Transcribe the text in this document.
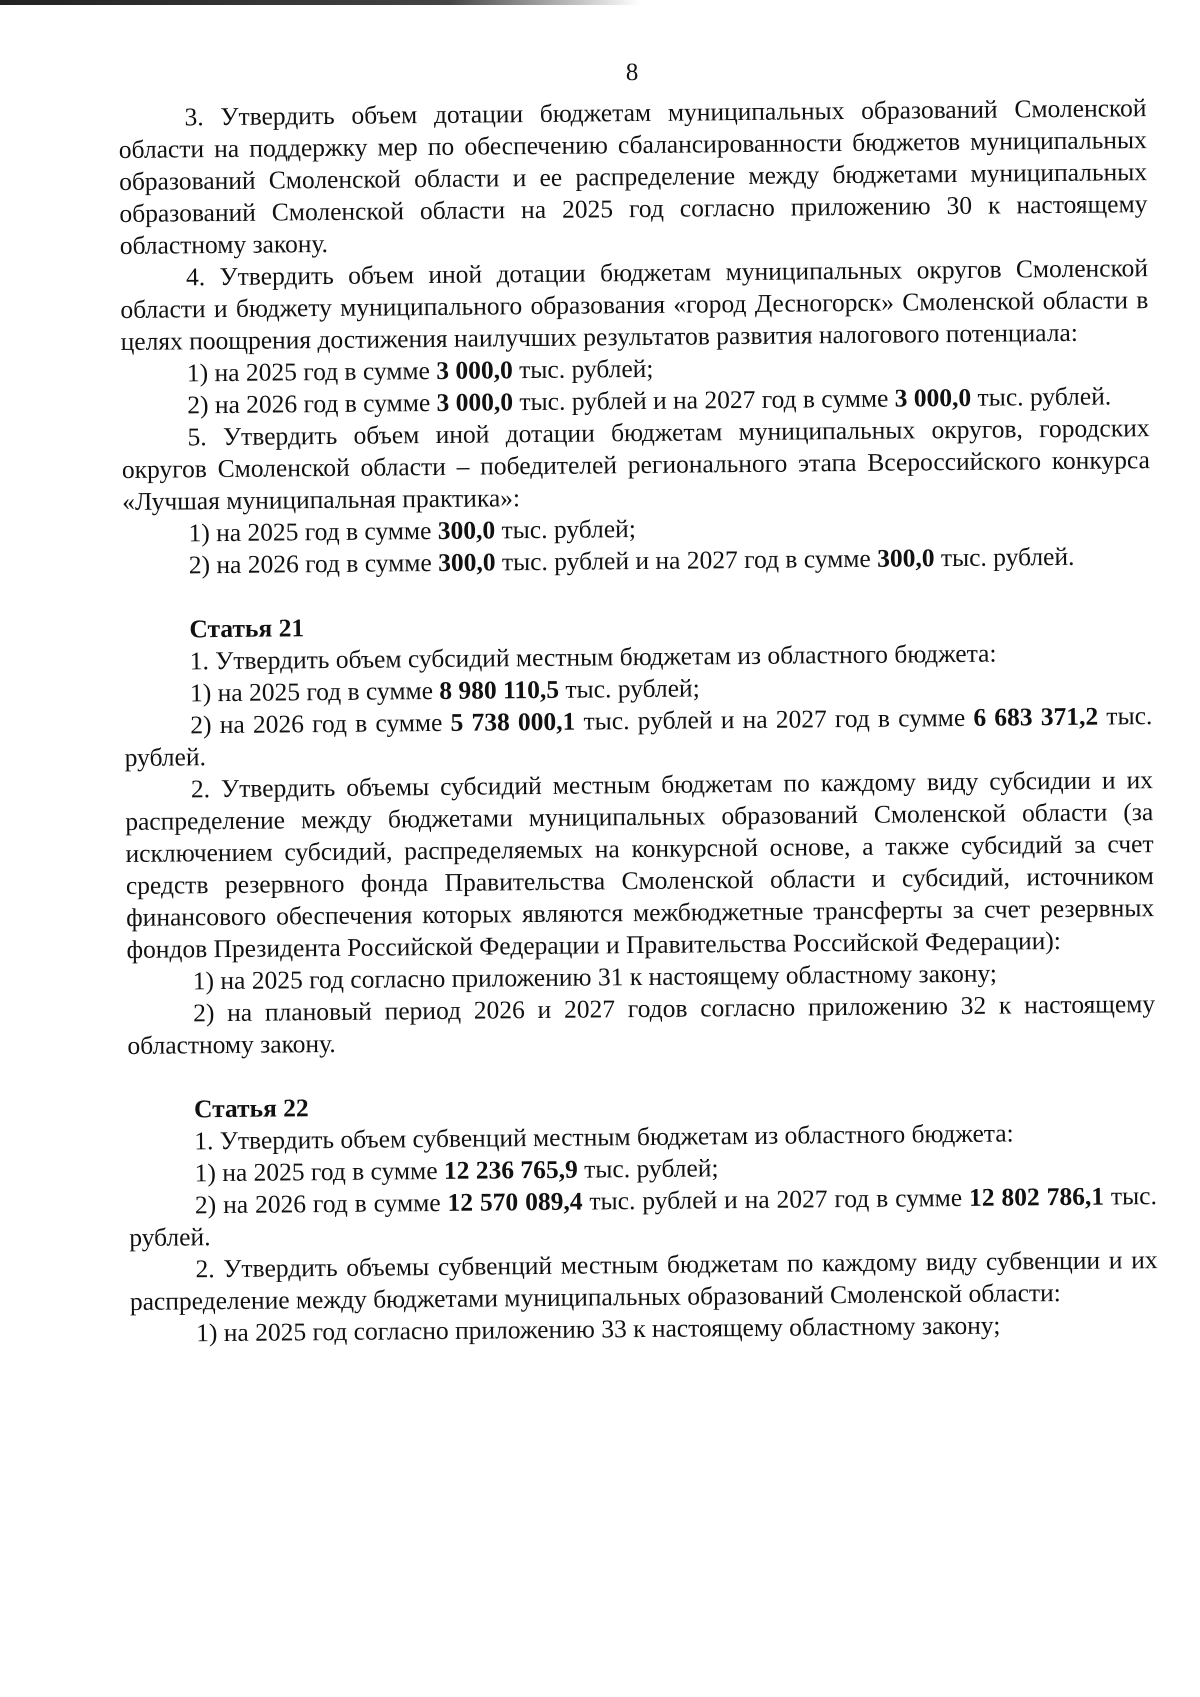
8

3. Утвердить объем дотации бюджетам муниципальных образований Смоленской области на поддержку мер по обеспечению сбалансированности бюджетов муниципальных образований Смоленской области и ее распределение между бюджетами муниципальных образований Смоленской области на 2025 год согласно приложению 30 к настоящему областному закону.

4. Утвердить объем иной дотации бюджетам муниципальных округов Смоленской области и бюджету муниципального образования «город Десногорск» Смоленской области в целях поощрения достижения наилучших результатов развития налогового потенциала:

1) на 2025 год в сумме 3 000,0 тыс. рублей;

2) на 2026 год в сумме 3 000,0 тыс. рублей и на 2027 год в сумме 3 000,0 тыс. рублей.

5. Утвердить объем иной дотации бюджетам муниципальных округов, городских округов Смоленской области – победителей регионального этапа Всероссийского конкурса «Лучшая муниципальная практика»:

1) на 2025 год в сумме 300,0 тыс. рублей;

2) на 2026 год в сумме 300,0 тыс. рублей и на 2027 год в сумме 300,0 тыс. рублей.

Статья 21

1. Утвердить объем субсидий местным бюджетам из областного бюджета:

1) на 2025 год в сумме 8 980 110,5 тыс. рублей;

2) на 2026 год в сумме 5 738 000,1 тыс. рублей и на 2027 год в сумме 6 683 371,2 тыс. рублей.

2. Утвердить объемы субсидий местным бюджетам по каждому виду субсидии и их распределение между бюджетами муниципальных образований Смоленской области (за исключением субсидий, распределяемых на конкурсной основе, а также субсидий за счет средств резервного фонда Правительства Смоленской области и субсидий, источником финансового обеспечения которых являются межбюджетные трансферты за счет резервных фондов Президента Российской Федерации и Правительства Российской Федерации):

1) на 2025 год согласно приложению 31 к настоящему областному закону;

2) на плановый период 2026 и 2027 годов согласно приложению 32 к настоящему областному закону.

Статья 22

1. Утвердить объем субвенций местным бюджетам из областного бюджета:

1) на 2025 год в сумме 12 236 765,9 тыс. рублей;

2) на 2026 год в сумме 12 570 089,4 тыс. рублей и на 2027 год в сумме 12 802 786,1 тыс. рублей.

2. Утвердить объемы субвенций местным бюджетам по каждому виду субвенции и их распределение между бюджетами муниципальных образований Смоленской области:

1) на 2025 год согласно приложению 33 к настоящему областному закону;
